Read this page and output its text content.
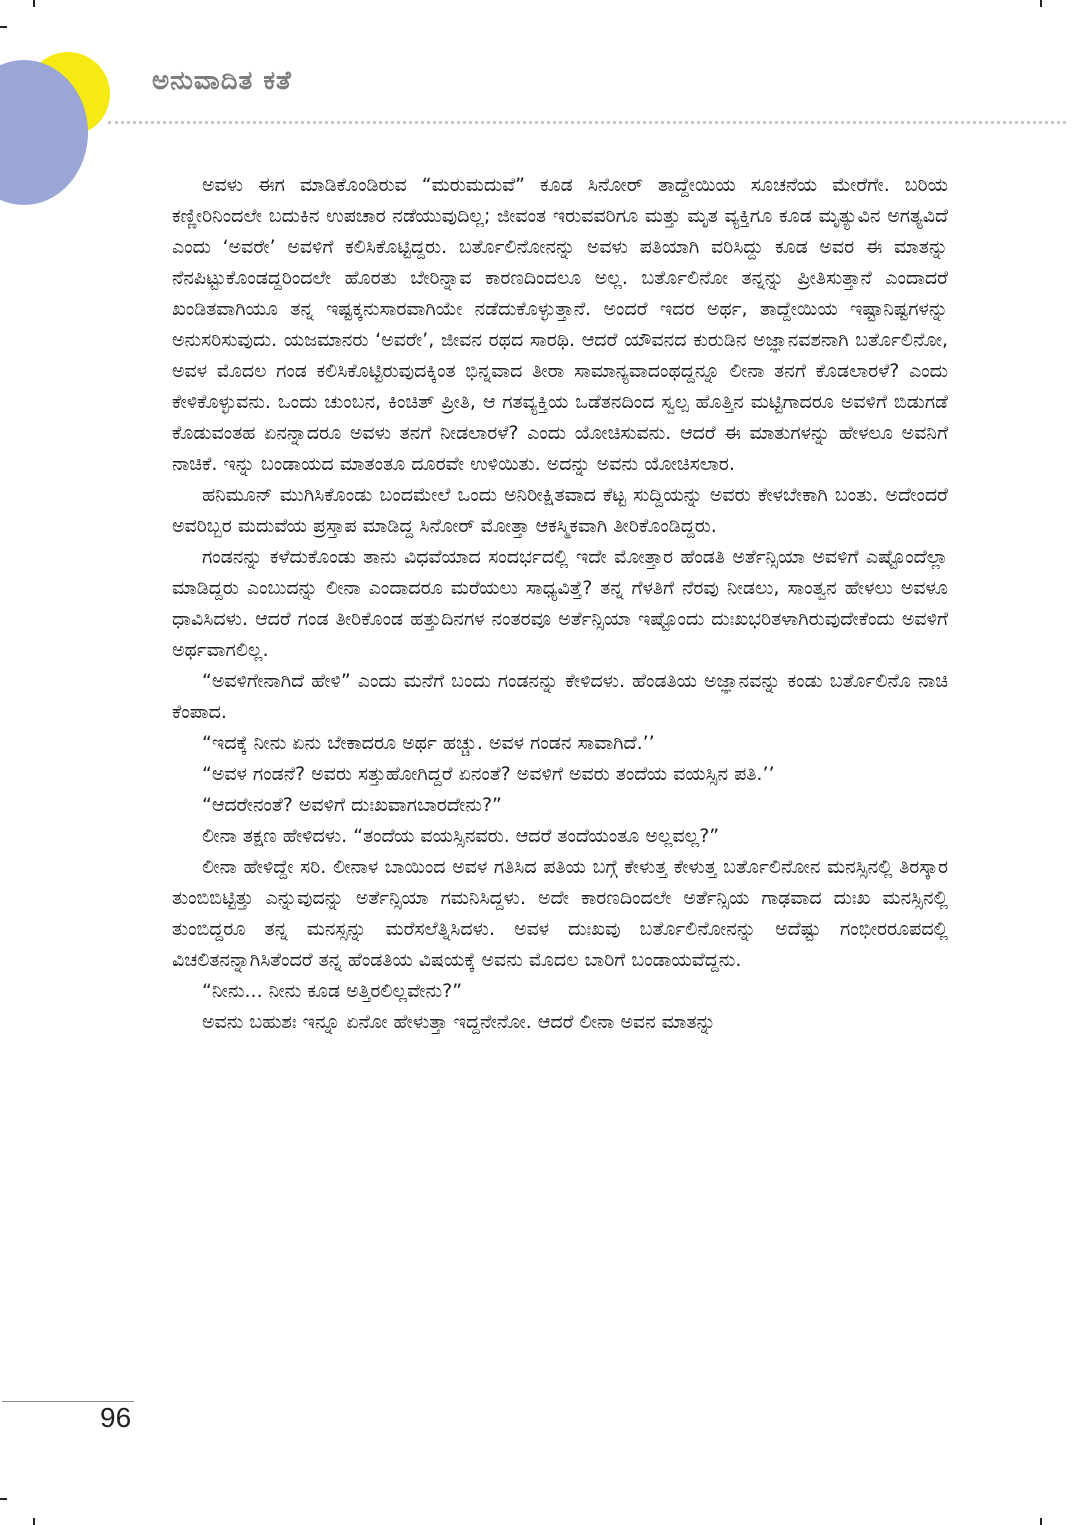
ಅನುವಾದಿತ ಕತೆ

ಅವಳು ಈಗ ಮಾಡಿಕೊಂಡಿರುವ “ಮರುಮದುವೆ” ಕೂಡ ಸಿನೋರ್ ತಾದ್ದೇಯಿಯ ಸೂಚನೆಯ ಮೇರೆಗೇ. ಬರಿಯ ಕಣ್ಣೀರಿನಿಂದಲೇ ಬದುಕಿನ ಉಪಚಾರ ನಡೆಯುವುದಿಲ್ಲ; ಜೀವಂತ ಇರುವವರಿಗೂ ಮತ್ತು ಮೃತ ವ್ಯಕ್ತಿಗೂ ಕೂಡ ಮೃತ್ಯುವಿನ ಅಗತ್ಯವಿದೆ ಎಂದು ‘ಅವರೇ’ ಅವಳಿಗೆ ಕಲಿಸಿಕೊಟ್ಟಿದ್ದರು. ಬರ್ತೊಲಿನೋನನ್ನು ಅವಳು ಪತಿಯಾಗಿ ವರಿಸಿದ್ದು ಕೂಡ ಅವರ ಈ ಮಾತನ್ನು ನೆನಪಿಟ್ಟುಕೊಂಡದ್ದರಿಂದಲೇ ಹೊರತು ಬೇರಿನ್ನಾವ ಕಾರಣದಿಂದಲೂ ಅಲ್ಲ. ಬರ್ತೊಲಿನೋ ತನ್ನನ್ನು ಪ್ರೀತಿಸುತ್ತಾನೆ ಎಂದಾದರೆ ಖಂಡಿತವಾಗಿಯೂ ತನ್ನ ಇಷ್ಟಕ್ಕನುಸಾರವಾಗಿಯೇ ನಡೆದುಕೊಳ್ಳುತ್ತಾನೆ. ಅಂದರೆ ಇದರ ಅರ್ಥ, ತಾದ್ದೇಯಿಯ ಇಷ್ಟಾನಿಷ್ಟಗಳನ್ನು ಅನುಸರಿಸುವುದು. ಯಜಮಾನರು ‘ಅವರೇ’, ಜೀವನ ರಥದ ಸಾರಥಿ. ಆದರೆ ಯೌವನದ ಕುರುಡಿನ ಅಜ್ಞಾನವಶನಾಗಿ ಬರ್ತೊಲಿನೋ, ಅವಳ ಮೊದಲ ಗಂಡ ಕಲಿಸಿಕೊಟ್ಟಿರುವುದಕ್ಕಿಂತ ಭಿನ್ನವಾದ ತೀರಾ ಸಾಮಾನ್ಯವಾದಂಥದ್ದನ್ನೂ ಲೀನಾ ತನಗೆ ಕೊಡಲಾರಳೆ? ಎಂದು ಕೇಳಿಕೊಳ್ಳುವನು. ಒಂದು ಚುಂಬನ, ಕಿಂಚಿತ್ ಪ್ರೀತಿ, ಆ ಗತವ್ಯಕ್ತಿಯ ಒಡೆತನದಿಂದ ಸ್ವಲ್ಪ ಹೊತ್ತಿನ ಮಟ್ಟಿಗಾದರೂ ಅವಳಿಗೆ ಬಿಡುಗಡೆ ಕೊಡುವಂತಹ ಏನನ್ನಾದರೂ ಅವಳು ತನಗೆ ನೀಡಲಾರಳೆ? ಎಂದು ಯೋಚಿಸುವನು. ಆದರೆ ಈ ಮಾತುಗಳನ್ನು ಹೇಳಲೂ ಅವನಿಗೆ ನಾಚಿಕೆ. ಇನ್ನು ಬಂಡಾಯದ ಮಾತಂತೂ ದೂರವೇ ಉಳಿಯಿತು. ಅದನ್ನು ಅವನು ಯೋಚಿಸಲಾರ.

ಹನಿಮೂನ್ ಮುಗಿಸಿಕೊಂಡು ಬಂದಮೇಲೆ ಒಂದು ಅನಿರೀಕ್ಷಿತವಾದ ಕೆಟ್ಟ ಸುದ್ದಿಯನ್ನು ಅವರು ಕೇಳಬೇಕಾಗಿ ಬಂತು. ಅದೇಂದರೆ ಅವರಿಬ್ಬರ ಮದುವೆಯ ಪ್ರಸ್ತಾಪ ಮಾಡಿದ್ದ ಸಿನೋರ್ ಮೋತ್ತಾ ಆಕಸ್ಮಿಕವಾಗಿ ತೀರಿಕೊಂಡಿದ್ದರು.

ಗಂಡನನ್ನು ಕಳೆದುಕೊಂಡು ತಾನು ವಿಧವೆಯಾದ ಸಂದರ್ಭದಲ್ಲಿ ಇದೇ ಮೋತ್ತಾರ ಹೆಂಡತಿ ಅರ್ತೆನ್ಸಿಯಾ ಅವಳಿಗೆ ಎಷ್ಟೊಂದೆಲ್ಲಾ ಮಾಡಿದ್ದರು ಎಂಬುದನ್ನು ಲೀನಾ ಎಂದಾದರೂ ಮರೆಯಲು ಸಾಧ್ಯವಿತ್ತೆ? ತನ್ನ ಗೆಳತಿಗೆ ನೆರವು ನೀಡಲು, ಸಾಂತ್ವನ ಹೇಳಲು ಅವಳೂ ಧಾವಿಸಿದಳು. ಆದರೆ ಗಂಡ ತೀರಿಕೊಂಡ ಹತ್ತುದಿನಗಳ ನಂತರವೂ ಅರ್ತೆನ್ಸಿಯಾ ಇಷ್ಟೊಂದು ದುಃಖಭರಿತಳಾಗಿರುವುದೇಕೆಂದು ಅವಳಿಗೆ ಅರ್ಥವಾಗಲಿಲ್ಲ.

“ಅವಳಿಗೇನಾಗಿದೆ ಹೇಳಿ” ಎಂದು ಮನೆಗೆ ಬಂದು ಗಂಡನನ್ನು ಕೇಳಿದಳು. ಹೆಂಡತಿಯ ಅಜ್ಞಾನವನ್ನು ಕಂಡು ಬರ್ತೊಲಿನೊ ನಾಚಿ ಕೆಂಪಾದ.

“ಇದಕ್ಕೆ ನೀನು ಏನು ಬೇಕಾದರೂ ಅರ್ಥ ಹಚ್ಚು. ಅವಳ ಗಂಡನ ಸಾವಾಗಿದೆ.’’

“ಅವಳ ಗಂಡನೆ? ಅವರು ಸತ್ತುಹೋಗಿದ್ದರೆ ಏನಂತೆ? ಅವಳಿಗೆ ಅವರು ತಂದೆಯ ವಯಸ್ಸಿನ ಪತಿ.’’

“ಆದರೇನಂತೆ? ಅವಳಿಗೆ ದುಃಖವಾಗಬಾರದೇನು?”

ಲೀನಾ ತಕ್ಷಣ ಹೇಳಿದಳು. “ತಂದೆಯ ವಯಸ್ಸಿನವರು. ಆದರೆ ತಂದೆಯಂತೂ ಅಲ್ಲವಲ್ಲ?”

ಲೀನಾ ಹೇಳಿದ್ದೇ ಸರಿ. ಲೀನಾಳ ಬಾಯಿಂದ ಅವಳ ಗತಿಸಿದ ಪತಿಯ ಬಗ್ಗೆ ಕೇಳುತ್ತ ಕೇಳುತ್ತ ಬರ್ತೊಲಿನೋನ ಮನಸ್ಸಿನಲ್ಲಿ ತಿರಸ್ಕಾರ ತುಂಬಿಬಿಟ್ಟಿತ್ತು ಎನ್ನುವುದನ್ನು ಅರ್ತೆನ್ಸಿಯಾ ಗಮನಿಸಿದ್ದಳು. ಅದೇ ಕಾರಣದಿಂದಲೇ ಅರ್ತೆನ್ಸಿಯ ಗಾಢವಾದ ದುಃಖ ಮನಸ್ಸಿನಲ್ಲಿ ತುಂಬಿದ್ದರೂ ತನ್ನ ಮನಸ್ಸನ್ನು ಮರೆಸಲೆತ್ನಿಸಿದಳು. ಅವಳ ದುಃಖವು ಬರ್ತೊಲಿನೋನನ್ನು ಅದೆಷ್ಟು ಗಂಭೀರರೂಪದಲ್ಲಿ ವಿಚಲಿತನನ್ನಾಗಿಸಿತೆಂದರೆ ತನ್ನ ಹೆಂಡತಿಯ ವಿಷಯಕ್ಕೆ ಅವನು ಮೊದಲ ಬಾರಿಗೆ ಬಂಡಾಯವೆದ್ದನು.

“ನೀನು... ನೀನು ಕೂಡ ಅತ್ತಿರಲಿಲ್ಲವೇನು?”

ಅವನು ಬಹುಶಃ ಇನ್ನೂ ಏನೋ ಹೇಳುತ್ತಾ ಇದ್ದನೇನೋ. ಆದರೆ ಲೀನಾ ಅವನ ಮಾತನ್ನು

96
